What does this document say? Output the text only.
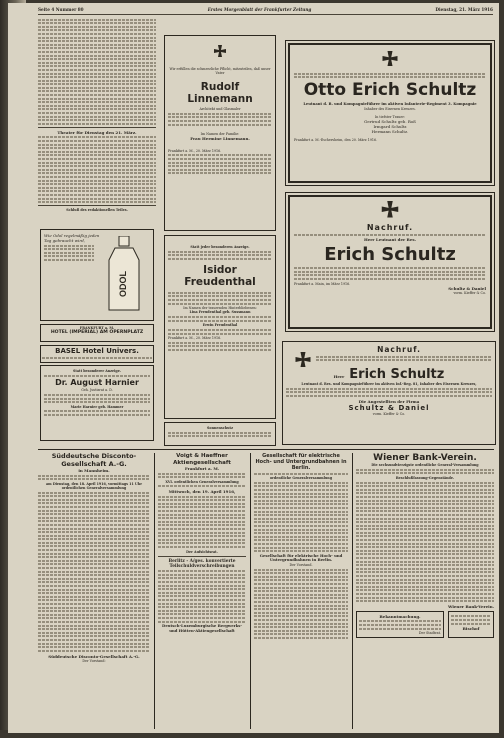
Seite 4 Nummer 80	Erstes Morgenblatt der Frankfurter Zeitung	Dienstag, 21. März 1916
Theater für Dienstag den 21. März.
Schluß des redaktionellen Teiles.
Wie Odol regelmäßig jeden Tag gebraucht wird,
ODOL
FRANKFURT a. M.
HOTEL (IMPERIAL) AM OPERNPLATZ
BASEL Hotel Univers.
Statt besonderer Anzeige.
Dr. August Harnier
Geh. Justizrat a. D.
Marie Harnier geb. Hammer
Wir erfüllen die schmerzliche Pflicht, mitzuteilen, daß unser Vater
Rudolf Linnemann
Architekt und Glasmaler
Im Namen der Familie:
Frau Hermine Linnemann.
Frankfurt a. M., 20. März 1916.
Statt jeder besonderen Anzeige.
Isidor Freudenthal
Im Namen der trauernden Hinterbliebenen:
Lina Freudenthal geb. Sussmann
Erwin Freudenthal
Frankfurt a. M., 20. März 1916.
Sonnenschutz
Otto Erich Schultz
Leutnant d. R. und Kompagnieführer im aktiven Infanterie-Regiment 3. Kompagnie
Inhaber des Eisernen Kreuzes.
In tiefster Trauer:
Gertrud Schultz geb. Roß
Irmgard Schultz
Hermann Schultz.
Frankfurt a. M.-Eschersheim, den 20. März 1916.
Nachruf.
Herr Leutnant der Res.
Erich Schultz
Frankfurt a. Main, im März 1916.
Schultz & Daniel
vorm. Kieffer & Co.
Nachruf.
Herr Erich Schultz
Leutnant d. Res. und Kompagnieführer im aktiven Inf.-Reg. 81, Inhaber des Eisernen Kreuzes,
Die Angestellten der Firma
Schultz & Daniel
vorm. Kieffer & Co.
Süddeutsche Disconto-Gesellschaft A.-G.
in Mannheim.
am Dienstag, den 18. April 1916, vormittags 11 Uhr
ordentlichen Generalversammlung
Süddeutsche Disconto-Gesellschaft A.-G.
Der Vorstand:
Voigt & Haeffner Aktiengesellschaft
Frankfurt a. M.
XVI. ordentlichen Generalversammlung
Mittwoch, den 19. April 1916,
Der Aufsichtsrat.
Berlitz - A/ges. konvertierte Teilschuldverschreibungen
Deutsch-Luxemburgische Bergwerks- und Hütten-Aktiengesellschaft
Gesellschaft für elektrische Hoch- und Untergrundbahnen in Berlin.
ordentliche Generalversammlung
Gesellschaft für elektrische Hoch- und Untergrundbahnen in Berlin.
Der Vorstand.
Wiener Bank-Verein.
Die sechsundvierzigste ordentliche General-Versammlung
Beschlußfassung-Gegenstände.
Wiener Bank-Verein.
Bekanntmachung.
Der Stadtrat.
Bischof
